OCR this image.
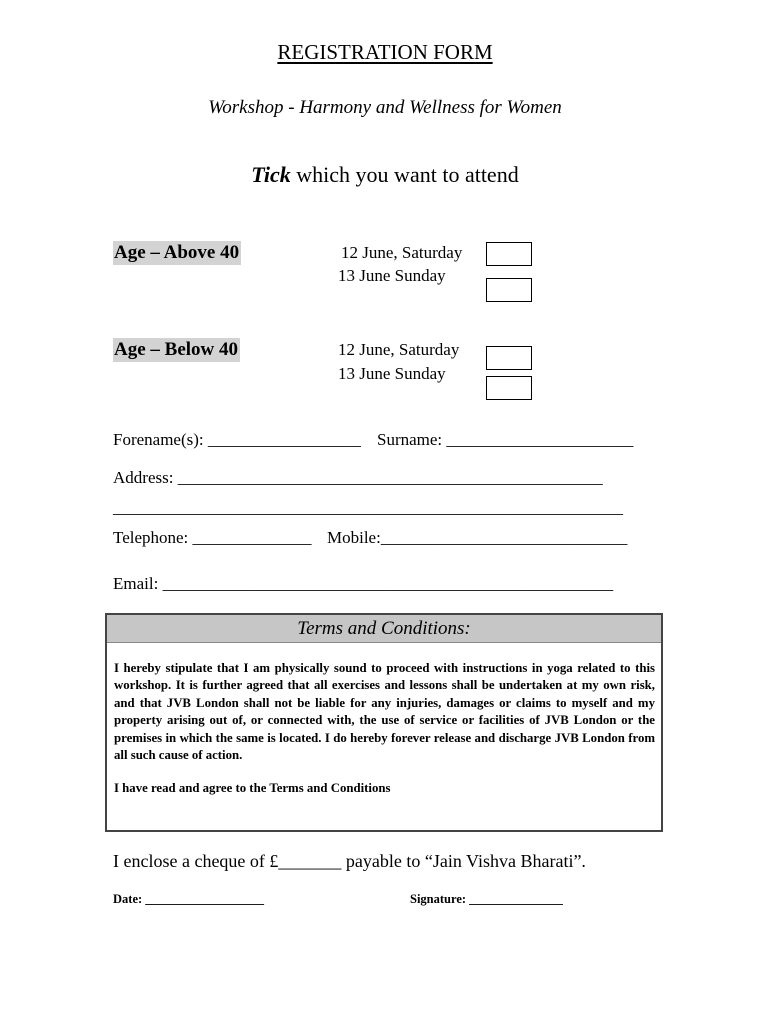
REGISTRATION FORM
Workshop - Harmony and Wellness for Women
Tick which you want to attend
Age – Above 40	12 June, Saturday
13 June Sunday
Age – Below 40	12 June, Saturday
13 June Sunday
Forename(s): __________________ Surname: ______________________
Address: __________________________________________________
____________________________________________________________
Telephone: ______________ Mobile:_____________________________
Email: _____________________________________________________
Terms and Conditions:

I hereby stipulate that I am physically sound to proceed with instructions in yoga related to this workshop. It is further agreed that all exercises and lessons shall be undertaken at my own risk, and that JVB London shall not be liable for any injuries, damages or claims to myself and my property arising out of, or connected with, the use of service or facilities of JVB London or the premises in which the same is located. I do hereby forever release and discharge JVB London from all such cause of action.

I have read and agree to the Terms and Conditions

I enclose a cheque of £_______ payable to “Jain Vishva Bharati”.
Date: ___________________	Signature: _______________
